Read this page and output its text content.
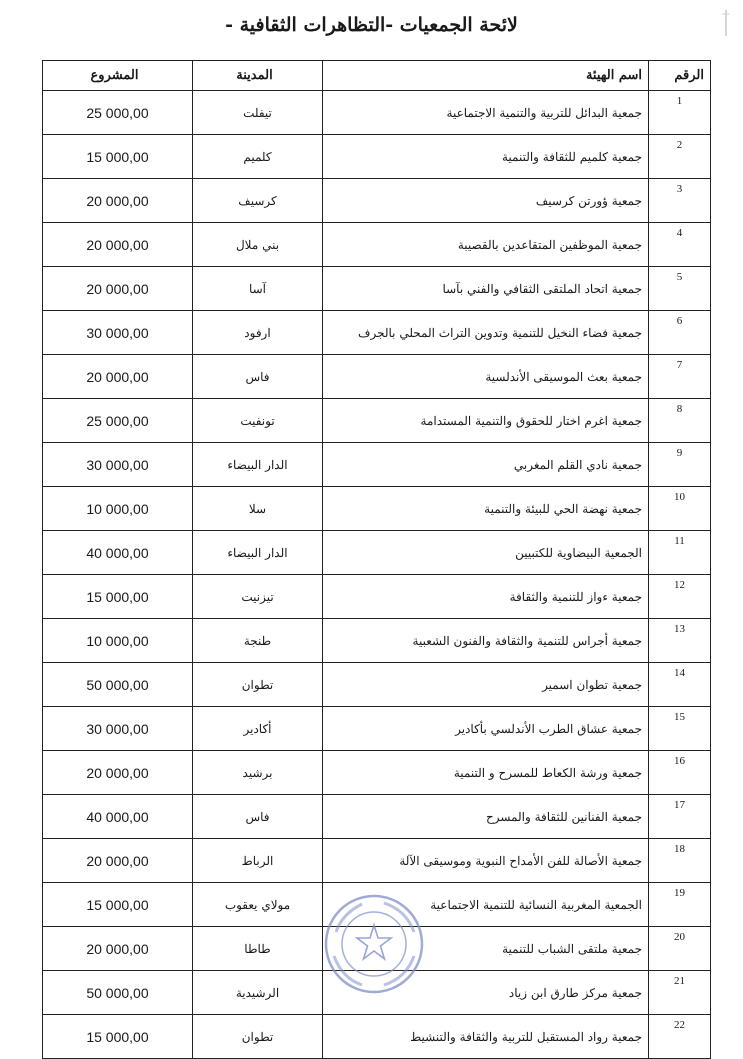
لائحة الجمعيات -التظاهرات الثقافية -
الرقم	اسم الهيئة	المدينة	المشروع
1	جمعية البدائل للتربية والتنمية الاجتماعية	تيفلت	25 000,00
2	جمعية كلميم للثقافة والتنمية	كلميم	15 000,00
3	جمعية ؤورتن كرسيف	كرسيف	20 000,00
4	جمعية الموظفين المتقاعدين بالقصيبة	بني ملال	20 000,00
5	جمعية اتحاد الملتقى الثقافي والفني بآسا	آسا	20 000,00
6	جمعية فضاء النخيل للتنمية وتدوين التراث المحلي بالجرف	ارفود	30 000,00
7	جمعية بعث الموسيقى الأندلسية	فاس	20 000,00
8	جمعية اغرم اختار للحقوق والتنمية المستدامة	تونفيت	25 000,00
9	جمعية نادي القلم المغربي	الدار البيضاء	30 000,00
10	جمعية نهضة الحي للبيئة والتنمية	سلا	10 000,00
11	الجمعية البيضاوية للكتبيين	الدار البيضاء	40 000,00
12	جمعية ءواز للتنمية والثقافة	تيزنيت	15 000,00
13	جمعية أجراس للتنمية والثقافة والفنون الشعبية	طنجة	10 000,00
14	جمعية تطوان اسمير	تطوان	50 000,00
15	جمعية عشاق الطرب الأندلسي بأكادير	أكادير	30 000,00
16	جمعية ورشة الكعاط للمسرح و التنمية	برشيد	20 000,00
17	جمعية الفنانين للثقافة والمسرح	فاس	40 000,00
18	جمعية الأصالة للفن الأمداح النبوية وموسيقى الآلة	الرباط	20 000,00
19	الجمعية المغربية النسائية للتنمية الاجتماعية	مولاي يعقوب	15 000,00
20	جمعية ملتقى الشباب للتنمية	طاطا	20 000,00
21	جمعية مركز طارق ابن زياد	الرشيدية	50 000,00
22	جمعية رواد المستقبل للتربية والثقافة والتنشيط	تطوان	15 000,00
